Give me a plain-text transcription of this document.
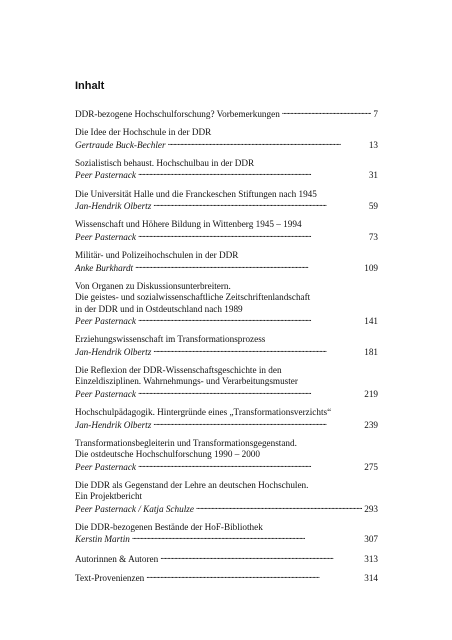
Inhalt
DDR-bezogene Hochschulforschung? Vorbemerkungen . . .	7
Die Idee der Hochschule in der DDR
Gertraude Buck-Bechler . . .	13
Sozialistisch behaust. Hochschulbau in der DDR
Peer Pasternack . . .	31
Die Universität Halle und die Franckeschen Stiftungen nach 1945
Jan-Hendrik Olbertz . . .	59
Wissenschaft und Höhere Bildung in Wittenberg 1945 – 1994
Peer Pasternack . . .	73
Militär- und Polizeihochschulen in der DDR
Anke Burkhardt . . .	109
Von Organen zu Diskussionsunterbreitern.
Die geistes- und sozialwissenschaftliche Zeitschriftenlandschaft
in der DDR und in Ostdeutschland nach 1989
Peer Pasternack . . .	141
Erziehungswissenschaft im Transformationsprozess
Jan-Hendrik Olbertz . . .	181
Die Reflexion der DDR-Wissenschaftsgeschichte in den
Einzeldisziplinen. Wahrnehmungs- und Verarbeitungsmuster
Peer Pasternack . . .	219
Hochschulpädagogik. Hintergründe eines „Transformationsverzichts“
Jan-Hendrik Olbertz . . .	239
Transformationsbegleiterin und Transformationsgegenstand.
Die ostdeutsche Hochschulforschung 1990 – 2000
Peer Pasternack . . .	275
Die DDR als Gegenstand der Lehre an deutschen Hochschulen.
Ein Projektbericht
Peer Pasternack / Katja Schulze . . .	293
Die DDR-bezogenen Bestände der HoF-Bibliothek
Kerstin Martin . . .	307
Autorinnen & Autoren . . .	313
Text-Provenienzen . . .	314
